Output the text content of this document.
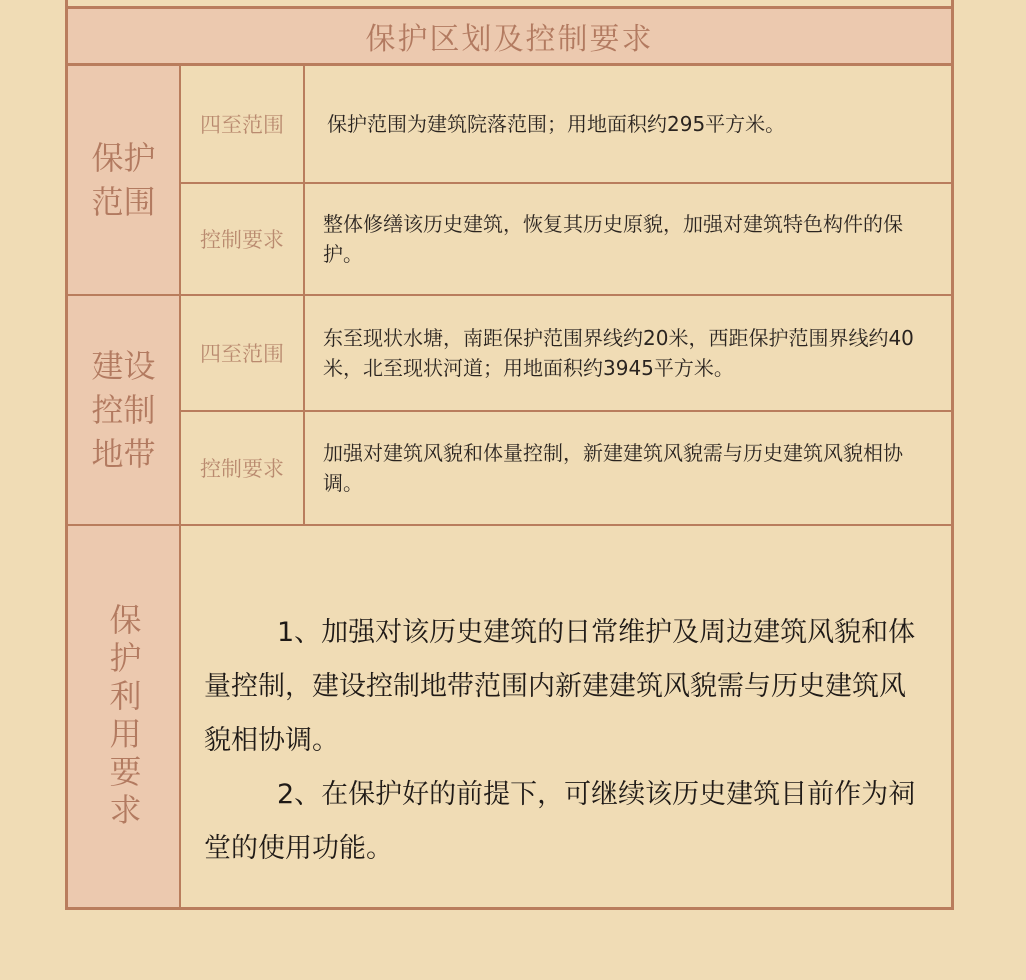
保护区划及控制要求
保护
范围
四至范围	保护范围为建筑院落范围；用地面积约295平方米。
控制要求
整体修缮该历史建筑，恢复其历史原貌，加强对建筑特色构件的保护。
建设
控制
地带
四至范围
东至现状水塘，南距保护范围界线约20米，西距保护范围界线约40米，北至现状河道；用地面积约3945平方米。
控制要求
加强对建筑风貌和体量控制，新建建筑风貌需与历史建筑风貌相协调。
保护利用要求	1、加强对该历史建筑的日常维护及周边建筑风貌和体量控制，建设控制地带范围内新建建筑风貌需与历史建筑风貌相协调。

2、在保护好的前提下，可继续该历史建筑目前作为祠堂的使用功能。
